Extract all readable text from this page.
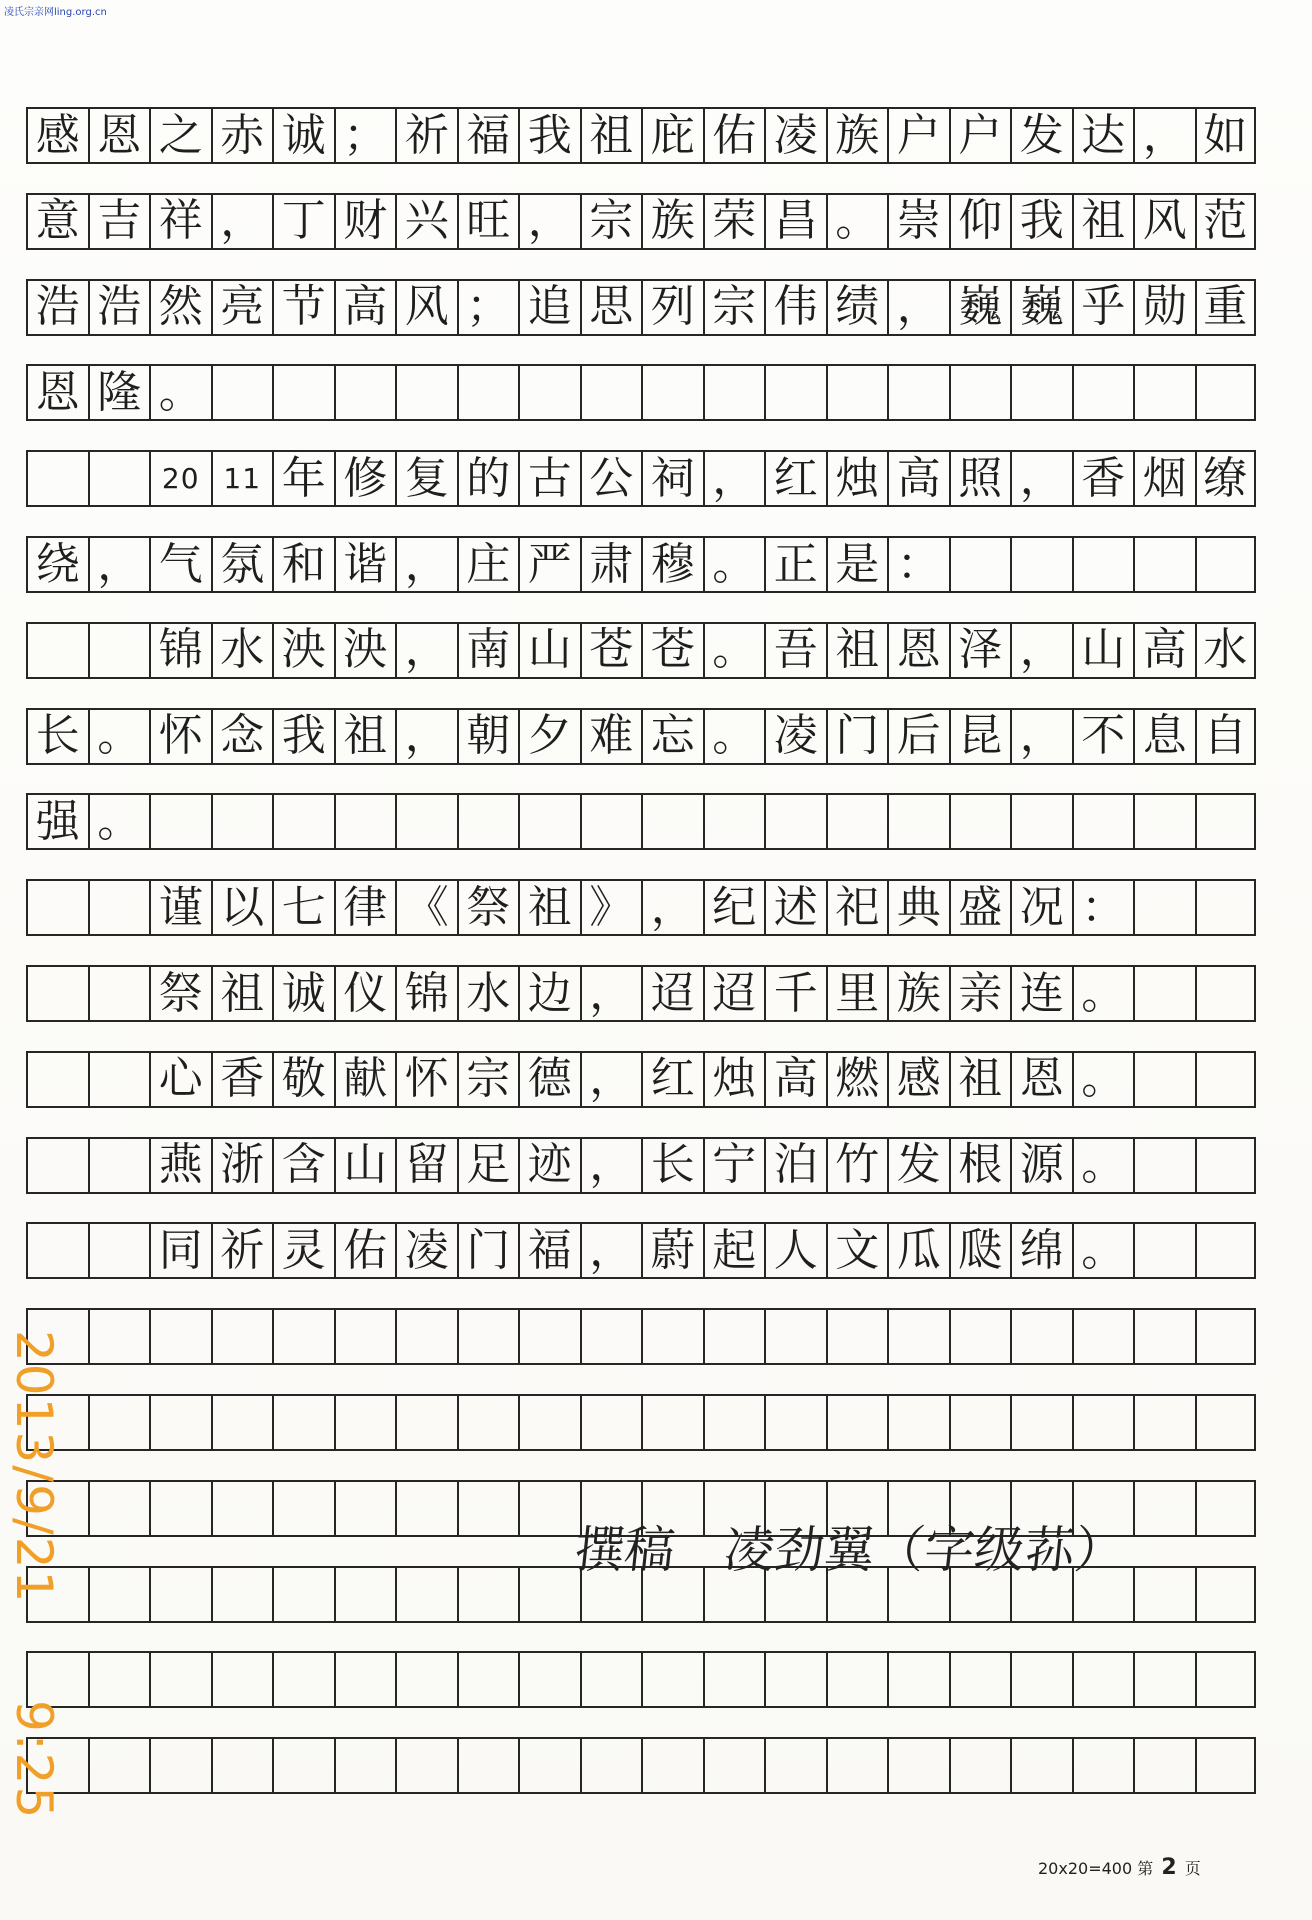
凌氏宗亲网ling.org.cn
感 恩 之 赤 诚 ； 祈 福 我 祖 庇 佑 凌 族 户 户 发 达 ， 如
意 吉 祥 ， 丁 财 兴 旺 ， 宗 族 荣 昌 。 崇 仰 我 祖 风 范
浩 浩 然 亮 节 高 风 ； 追 思 列 宗 伟 绩 ， 巍 巍 乎 勋 重
恩 隆 。
20 11 年 修 复 的 古 公 祠 ， 红 烛 高 照 ， 香 烟 缭
绕 ， 气 氛 和 谐 ， 庄 严 肃 穆 。 正 是 ：
锦 水 泱 泱 ， 南 山 苍 苍 。 吾 祖 恩 泽 ， 山 高 水
长 。 怀 念 我 祖 ， 朝 夕 难 忘 。 凌 门 后 昆 ， 不 息 自
强 。
谨 以 七 律 《 祭 祖 》 ， 纪 述 祀 典 盛 况 ：
祭 祖 诚 仪 锦 水 边 ， 迢 迢 千 里 族 亲 连 。
心 香 敬 献 怀 宗 德 ， 红 烛 高 燃 感 祖 恩 。
燕 浙 含 山 留 足 迹 ， 长 宁 泊 竹 发 根 源 。
同 祈 灵 佑 凌 门 福 ， 蔚 起 人 文 瓜 瓞 绵 。
撰稿　凌劲翼（字级荪）
2013/9/21
9:25
20x20=400 第 2 页
